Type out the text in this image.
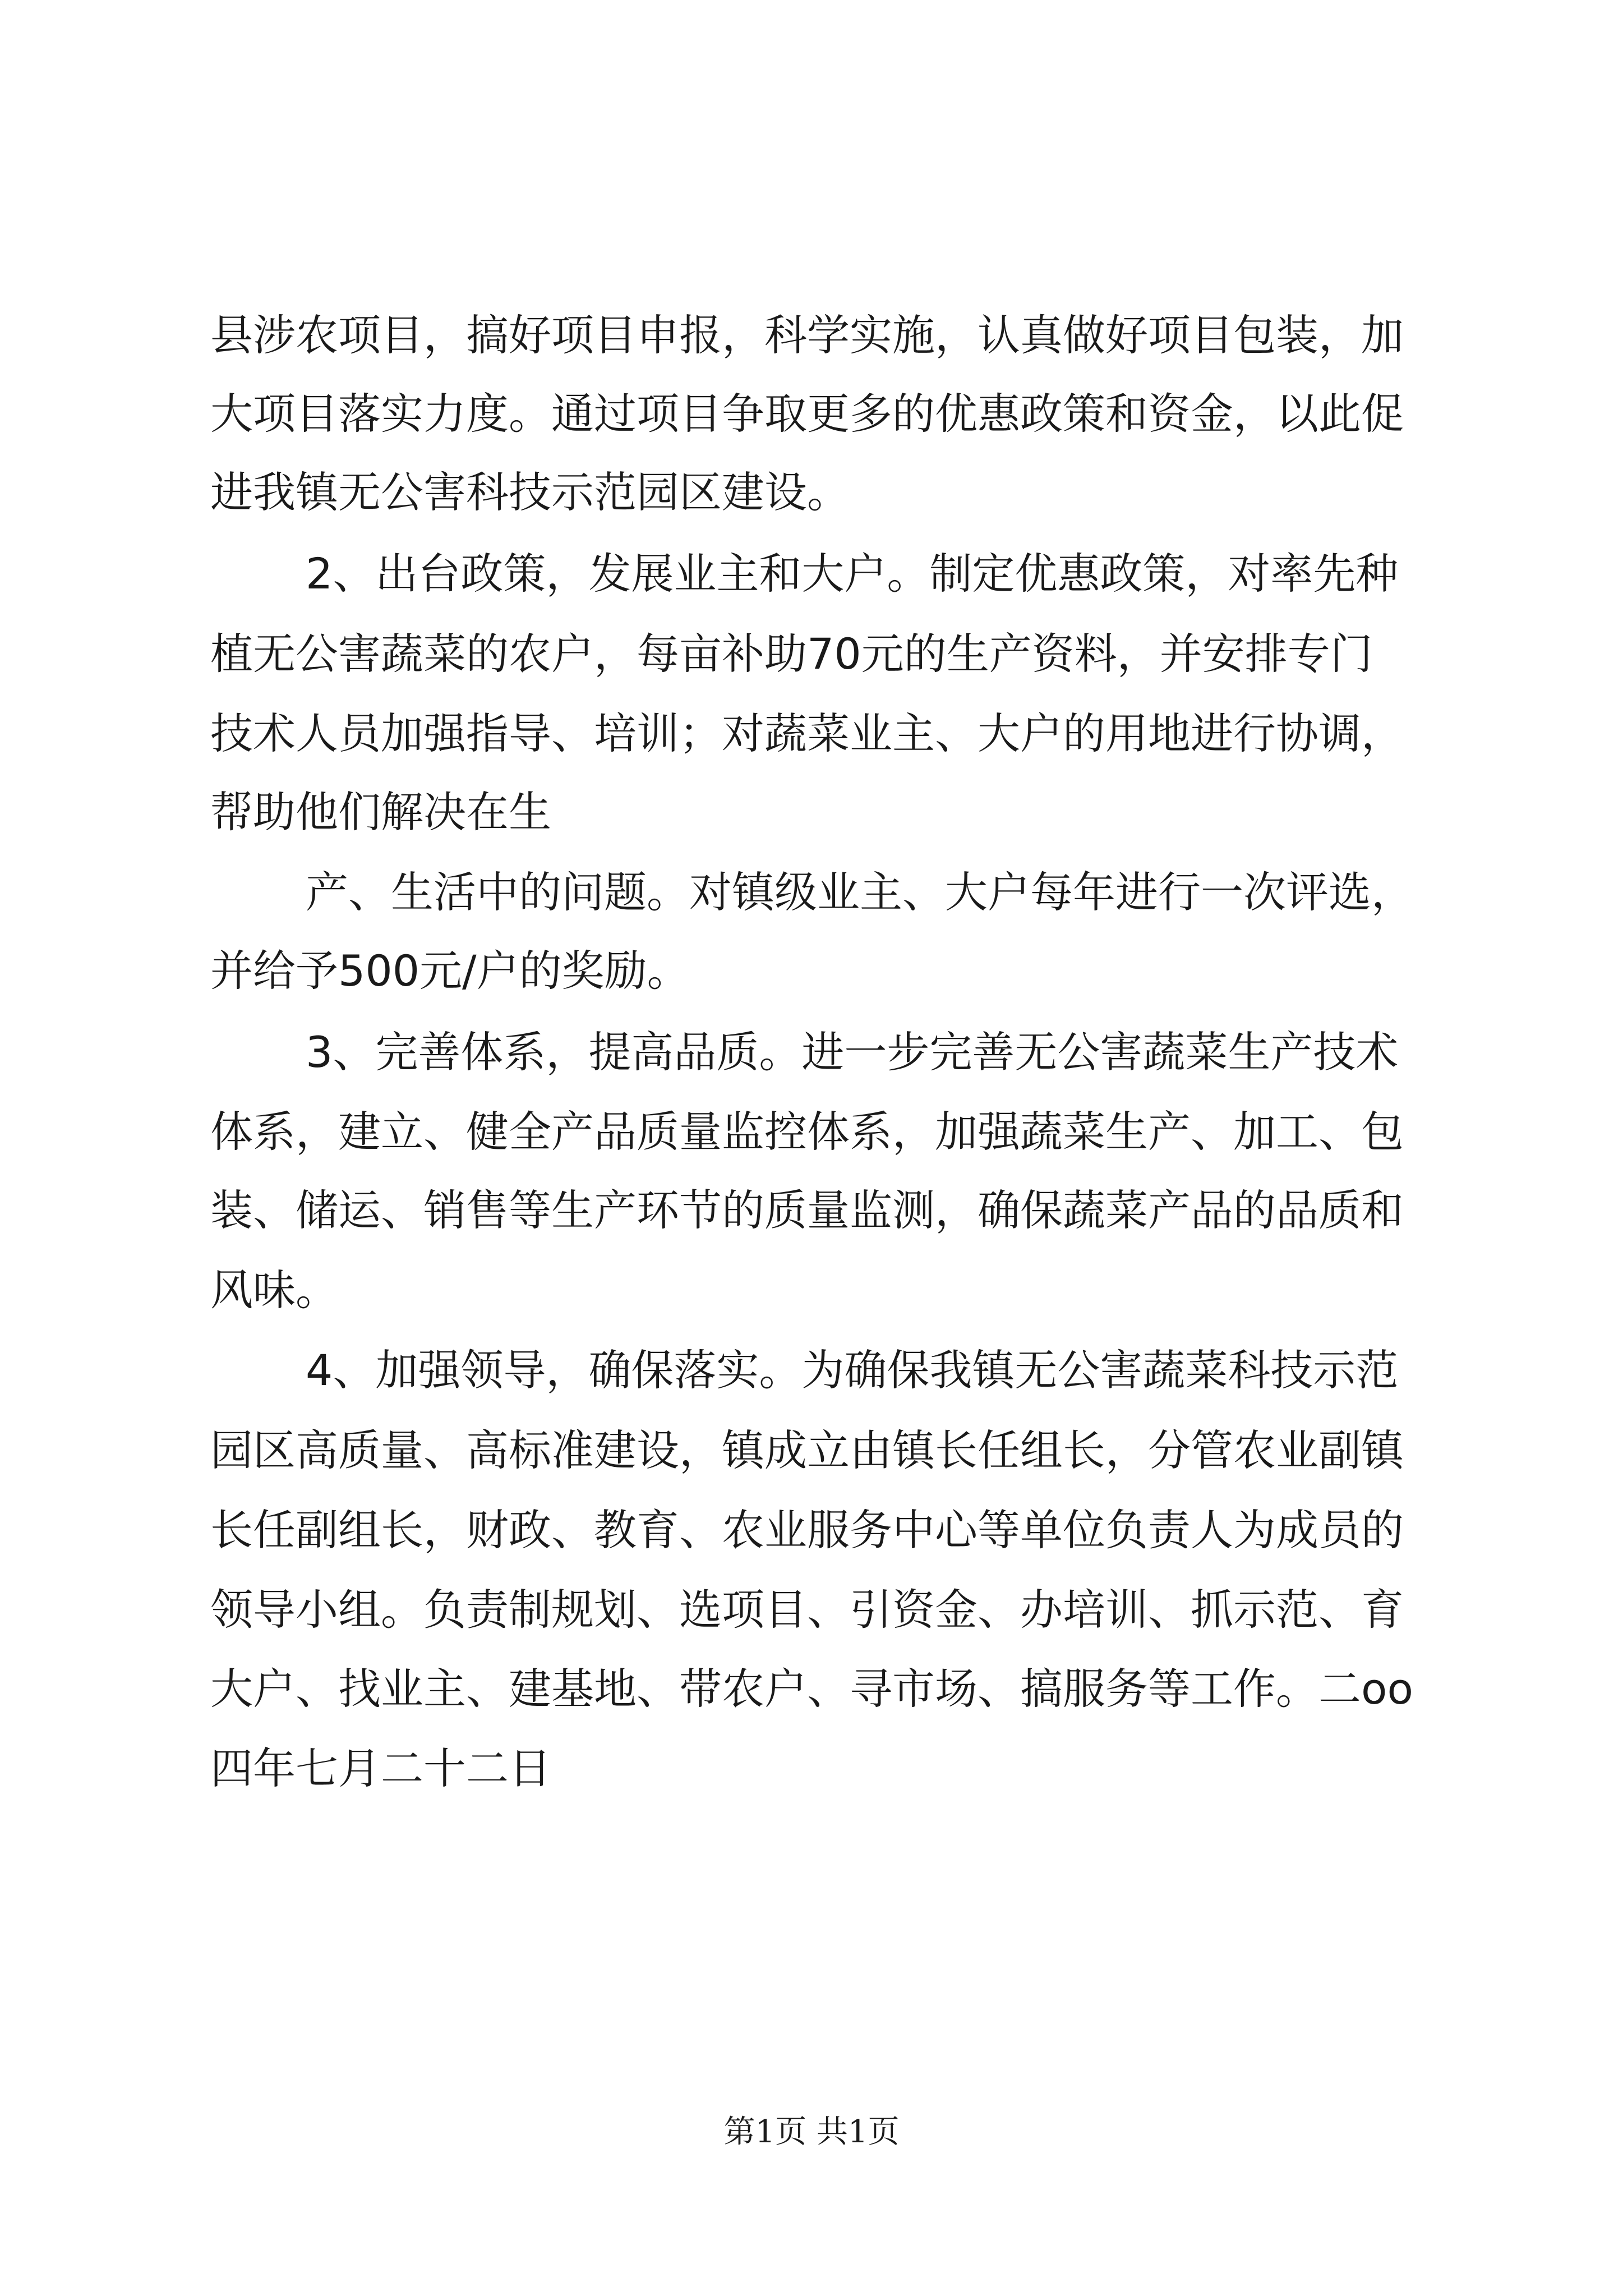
县涉农项目，搞好项目申报，科学实施，认真做好项目包装，加

大项目落实力度。通过项目争取更多的优惠政策和资金，以此促

进我镇无公害科技示范园区建设。

2、出台政策，发展业主和大户。制定优惠政策，对率先种

植无公害蔬菜的农户，每亩补助70元的生产资料，并安排专门

技术人员加强指导、培训；对蔬菜业主、大户的用地进行协调，

帮助他们解决在生

产、生活中的问题。对镇级业主、大户每年进行一次评选，

并给予500元/户的奖励。

3、完善体系，提高品质。进一步完善无公害蔬菜生产技术

体系，建立、健全产品质量监控体系，加强蔬菜生产、加工、包

装、储运、销售等生产环节的质量监测，确保蔬菜产品的品质和

风味。

4、加强领导，确保落实。为确保我镇无公害蔬菜科技示范

园区高质量、高标准建设，镇成立由镇长任组长，分管农业副镇

长任副组长，财政、教育、农业服务中心等单位负责人为成员的

领导小组。负责制规划、选项目、引资金、办培训、抓示范、育

大户、找业主、建基地、带农户、寻市场、搞服务等工作。二oo

四年七月二十二日

第1页 共1页
